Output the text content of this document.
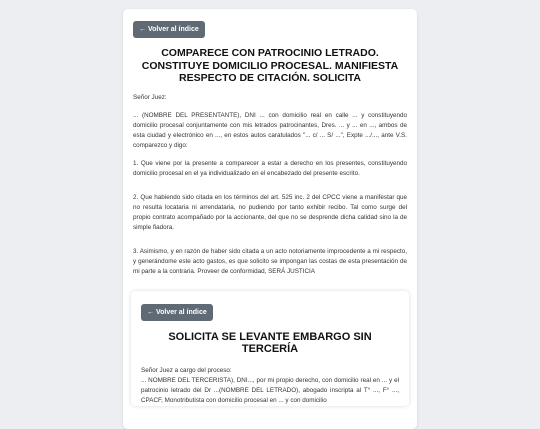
← Volver al índice
COMPARECE CON PATROCINIO LETRADO. CONSTITUYE DOMICILIO PROCESAL. MANIFIESTA RESPECTO DE CITACIÓN. SOLICITA

Señor Juez:

... (NOMBRE DEL PRESENTANTE), DNI ... con domicilio real en calle ... y constituyendo domicilio procesal conjuntamente con mis letrados patrocinantes, Dres. ... y ... en ..., ambos de esta ciudad y electrónico en ..., en estos autos caratulados "... c/ ... S/ ...", Expte .../..., ante V.S. comparezco y digo:

1. Que viene por la presente a comparecer a estar a derecho en los presentes, constituyendo domicilio procesal en el ya individualizado en el encabezado del presente escrito.

2. Que habiendo sido citada en los términos del art. 525 inc. 2 del CPCC viene a manifestar que no resulta locataria ni arrendataria, no pudiendo por tanto exhibir recibo. Tal como surge del propio contrato acompañado por la accionante, del que no se desprende dicha calidad sino la de simple fiadora.

3. Asimismo, y en razón de haber sido citada a un acto notoriamente improcedente a mi respecto, y generándome este acto gastos, es que solicito se impongan las costas de esta presentación de mi parte a la contraria. Proveer de conformidad, SERÁ JUSTICIA

← Volver al índice
SOLICITA SE LEVANTE EMBARGO SIN TERCERÍA

Señor Juez a cargo del proceso:

... NOMBRE DEL TERCERISTA), DNI..., por mi propio derecho, con domicilio real en ... y el patrocinio letrado del Dr ...(NOMBRE DEL LETRADO), abogado inscripta al T° ..., F° ..., CPACF, Monotributista con domicilio procesal en ... y con domicilio
